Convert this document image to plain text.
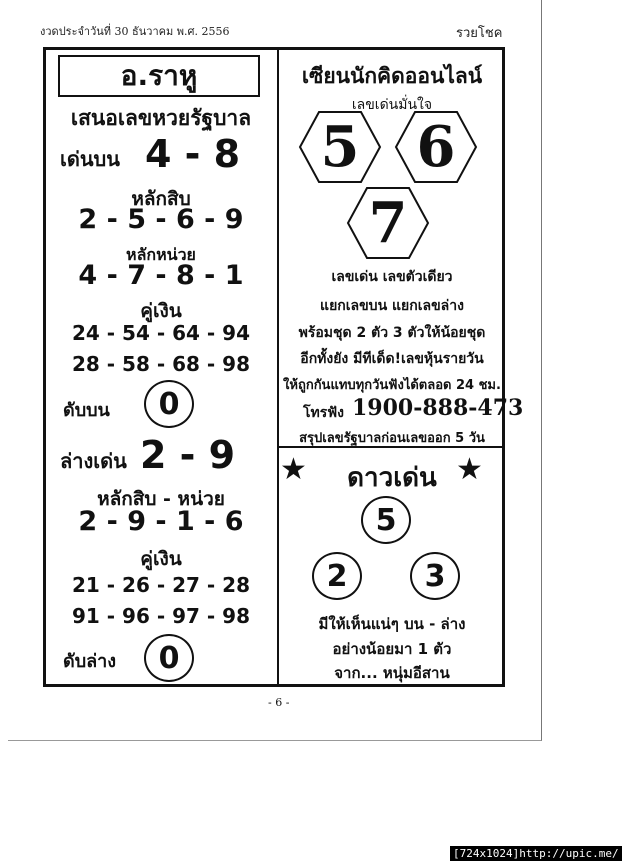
งวดประจำวันที่ 30 ธันวาคม พ.ศ. 2556	รวยโชค
อ.ราหู
เสนอเลขหวยรัฐบาล
เด่นบน 4 - 8
หลักสิบ
2 - 5 - 6 - 9
หลักหน่วย
4 - 7 - 8 - 1
คู่เงิน
24 - 54 - 64 - 94
28 - 58 - 68 - 98
ดับบน	0
ล่างเด่น 2 - 9
หลักสิบ - หน่วย
2 - 9 - 1 - 6
คู่เงิน
21 - 26 - 27 - 28
91 - 96 - 97 - 98
ดับล่าง	0
เซียนนักคิดออนไลน์
เลขเด่นมั่นใจ
5	6
7
เลขเด่น เลขตัวเดียว
แยกเลขบน แยกเลขล่าง
พร้อมชุด 2 ตัว 3 ตัวให้น้อยชุด
อีกทั้งยัง มีทีเด็ด!เลขหุ้นรายวัน
ให้ถูกกันแทบทุกวันฟังได้ตลอด 24 ชม.
โทรฟัง 1900-888-473
สรุปเลขรัฐบาลก่อนเลขออก 5 วัน
★	★
ดาวเด่น
5
2	3
มีให้เห็นแน่ๆ บน - ล่าง
อย่างน้อยมา 1 ตัว
จาก... หนุ่มอีสาน
- 6 -
[724x1024]http://upic.me/
